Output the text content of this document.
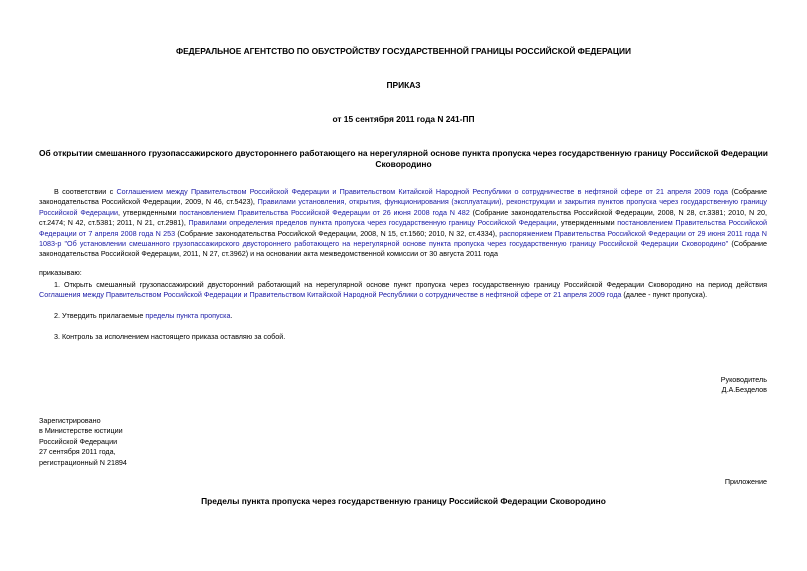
ФЕДЕРАЛЬНОЕ АГЕНТСТВО ПО ОБУСТРОЙСТВУ ГОСУДАРСТВЕННОЙ ГРАНИЦЫ РОССИЙСКОЙ ФЕДЕРАЦИИ
ПРИКАЗ
от 15 сентября 2011 года N 241-ПП
Об открытии смешанного грузопассажирского двустороннего работающего на нерегулярной основе пункта пропуска через государственную границу Российской Федерации Сковородино
В соответствии с Соглашением между Правительством Российской Федерации и Правительством Китайской Народной Республики о сотрудничестве в нефтяной сфере от 21 апреля 2009 года (Собрание законодательства Российской Федерации, 2009, N 46, ст.5423), Правилами установления, открытия, функционирования (эксплуатации), реконструкции и закрытия пунктов пропуска через государственную границу Российской Федерации, утвержденными постановлением Правительства Российской Федерации от 26 июня 2008 года N 482 (Собрание законодательства Российской Федерации, 2008, N 28, ст.3381; 2010, N 20, ст.2474; N 42, ст.5381; 2011, N 21, ст.2981), Правилами определения пределов пункта пропуска через государственную границу Российской Федерации, утвержденными постановлением Правительства Российской Федерации от 7 апреля 2008 года N 253 (Собрание законодательства Российской Федерации, 2008, N 15, ст.1560; 2010, N 32, ст.4334), распоряжением Правительства Российской Федерации от 29 июня 2011 года N 1083-р "Об установлении смешанного грузопассажирского двустороннего работающего на нерегулярной основе пункта пропуска через государственную границу Российской Федерации Сковородино" (Собрание законодательства Российской Федерации, 2011, N 27, ст.3962) и на основании акта межведомственной комиссии от 30 августа 2011 года
приказываю:
1. Открыть смешанный грузопассажирский двусторонний работающий на нерегулярной основе пункт пропуска через государственную границу Российской Федерации Сковородино на период действия Соглашения между Правительством Российской Федерации и Правительством Китайской Народной Республики о сотрудничестве в нефтяной сфере от 21 апреля 2009 года (далее - пункт пропуска).
2. Утвердить прилагаемые пределы пункта пропуска.
3. Контроль за исполнением настоящего приказа оставляю за собой.
Руководитель
Д.А.Безделов
Зарегистрировано
в Министерстве юстиции
Российской Федерации
27 сентября 2011 года,
регистрационный N 21894
Приложение
Пределы пункта пропуска через государственную границу Российской Федерации Сковородино
